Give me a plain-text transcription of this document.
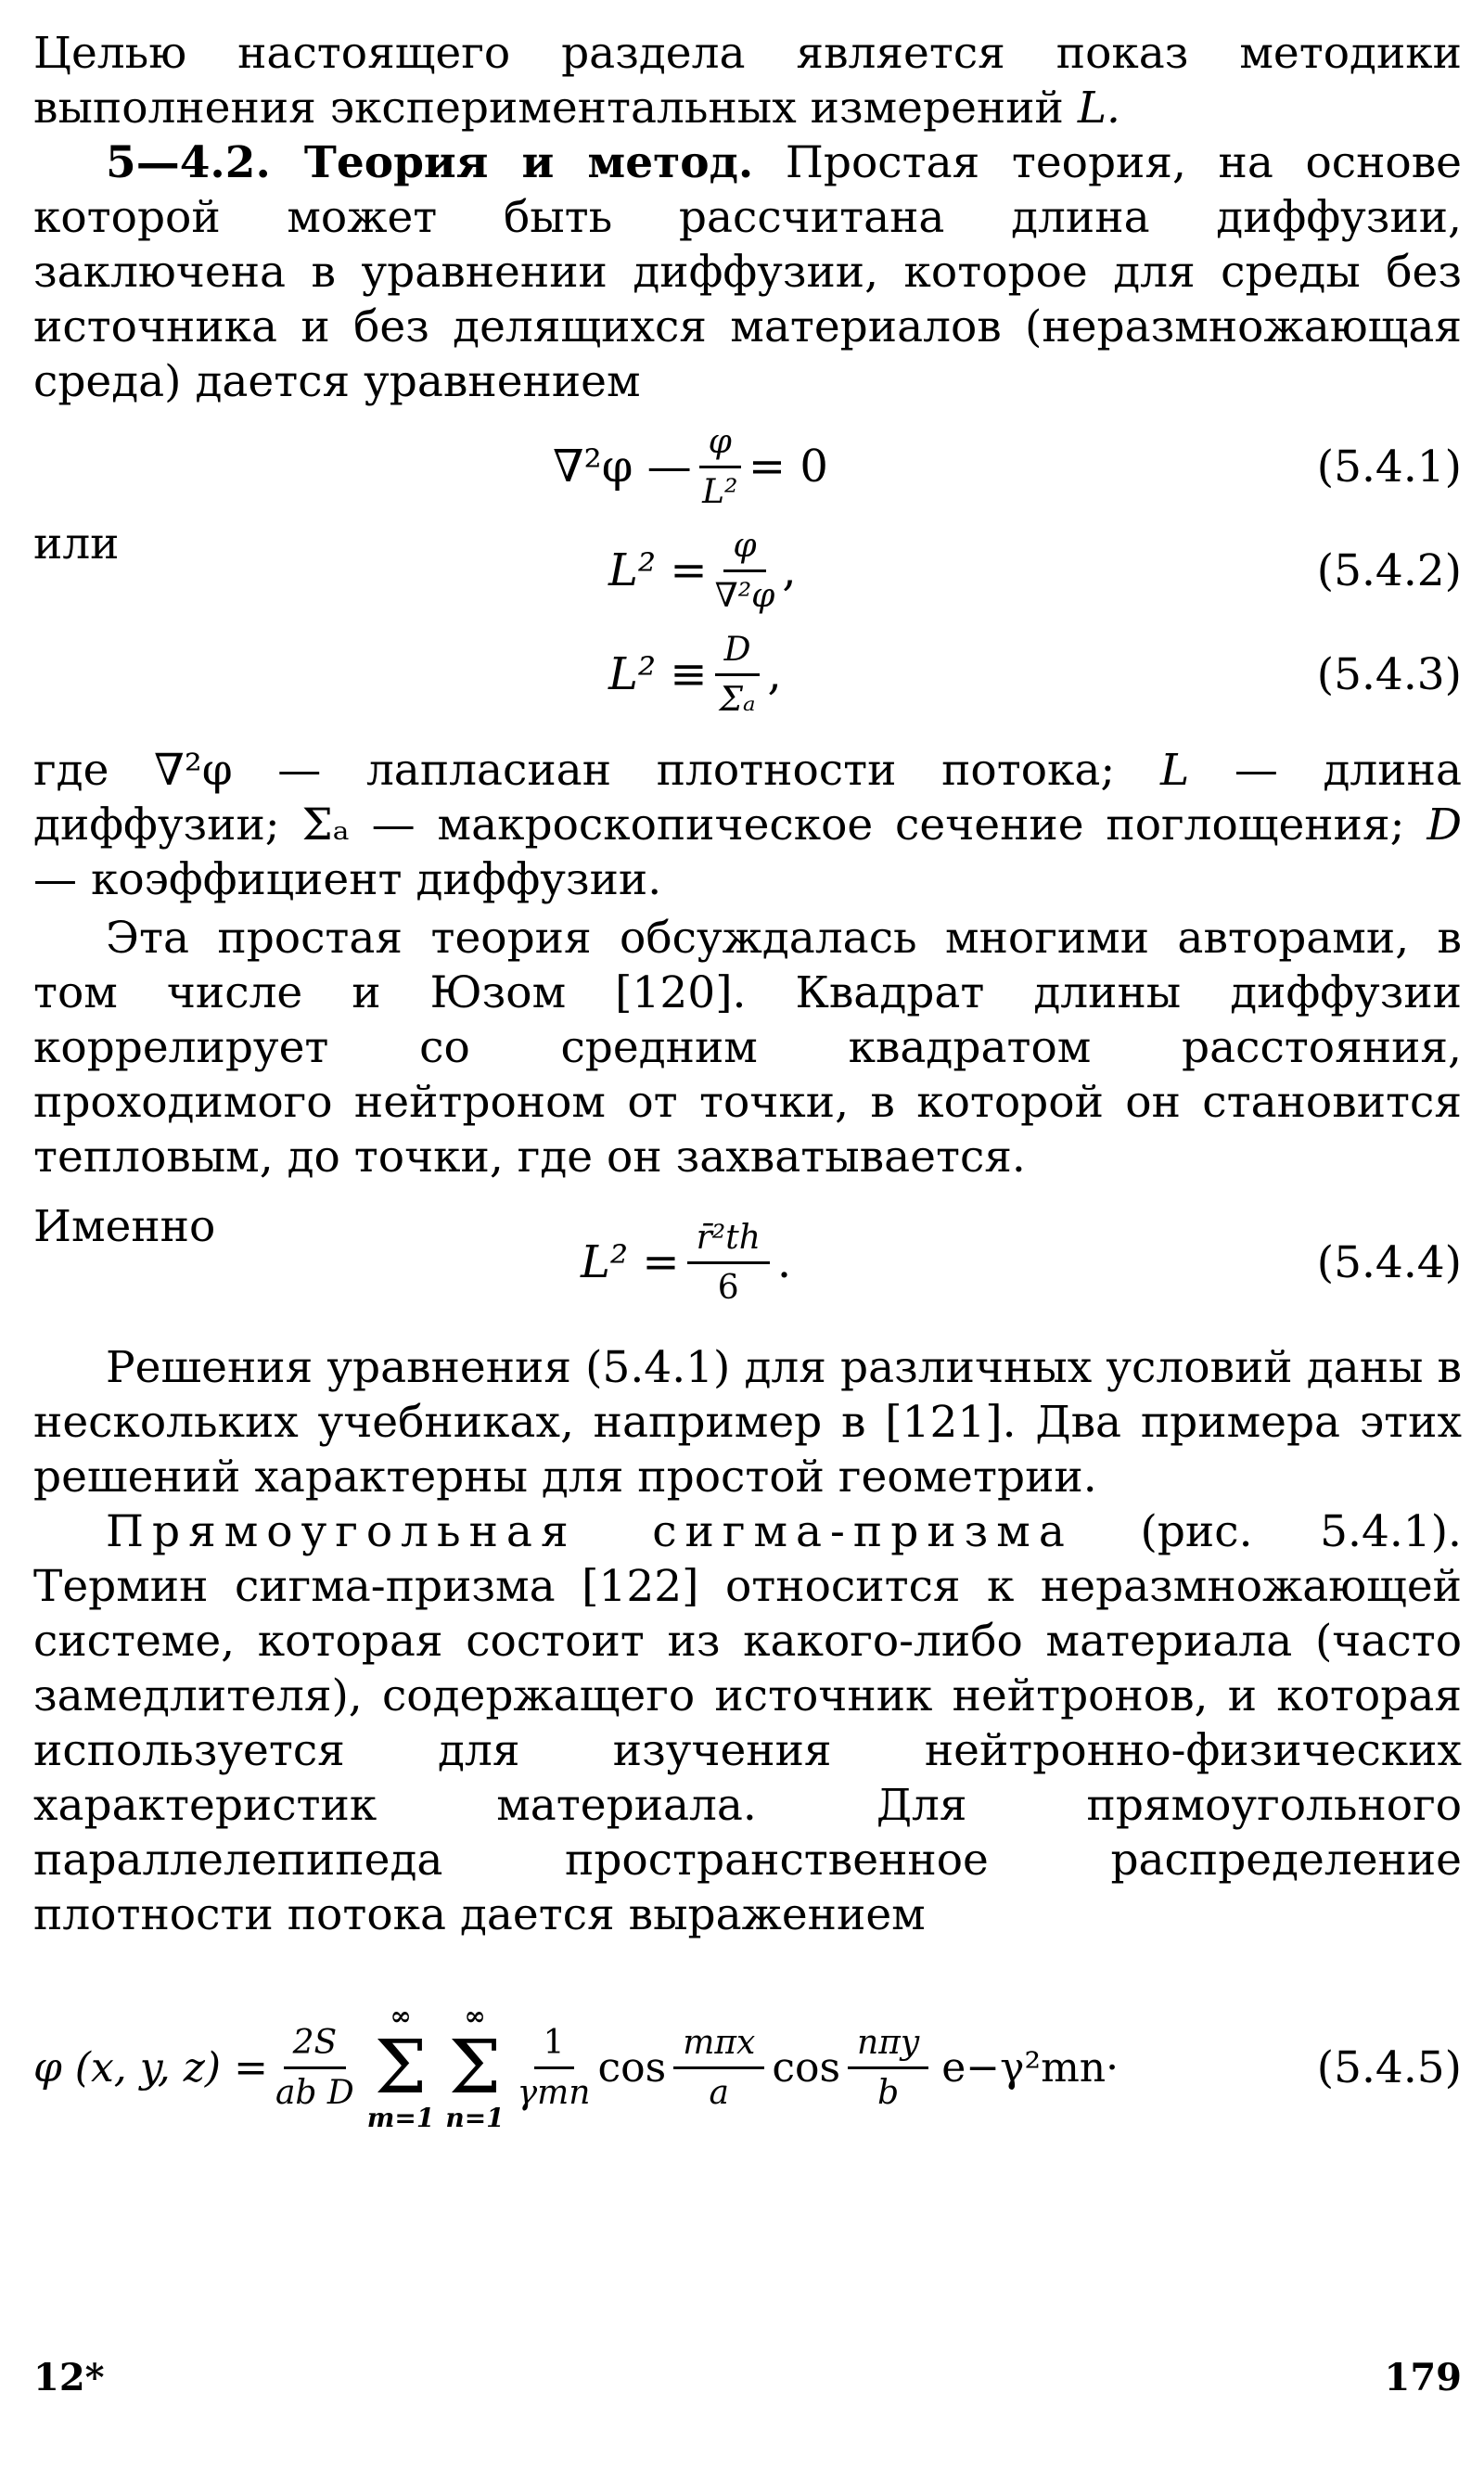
Целью настоящего раздела является показ методики выполнения экспериментальных измерений L.

5—4.2. Теория и метод. Простая теория, на основе которой может быть рассчитана длина диффузии, заключена в уравнении диффузии, которое для среды без источника и без делящихся материалов (неразмножающая среда) дается уравнением

∇²φ — $\frac{\varphi}{\text{L²}} = 0$	(5.4.1)
или
$L^2 = \frac{\varphi}{\text{∇²φ}}$ ,	(5.4.2)
$L^2 \equiv \frac{D}{\text{Σₐ}}$ ,	(5.4.3)

где ∇²φ — лапласиан плотности потока; L — длина диффузии; Σₐ — макроскопическое сечение поглощения; D — коэффициент диффузии.

Эта простая теория обсуждалась многими авторами, в том числе и Юзом [120]. Квадрат длины диффузии коррелирует со средним квадратом расстояния, проходимого нейтроном от точки, в которой он становится тепловым, до точки, где он захватывается.

Именно
$L^2 = \frac{\text{r̄²th}}{6}$ .	(5.4.4)

Решения уравнения (5.4.1) для различных условий даны в нескольких учебниках, например в [121]. Два примера этих решений характерны для простой геометрии.

Прямоугольная сигма-призма (рис. 5.4.1). Термин сигма-призма [122] относится к неразмножающей системе, которая состоит из какого-либо материала (часто замедлителя), содержащего источник нейтронов, и которая используется для изучения нейтронно-физических характеристик материала. Для прямоугольного параллелепипеда пространственное распределение плотности потока дается выражением

φ (x, y, $z) = \frac{2S}{\text{ab D}}$
∞
Σ
m=1
∞
Σ
n=1
$\frac{1}{\text{γmn}}$ $\cos \frac{\text{mπx}}{a}$ $\cos \frac{\text{nπy}}{b} e-\gamma^2mn\cdot$	(5.4.5)
12*	179
